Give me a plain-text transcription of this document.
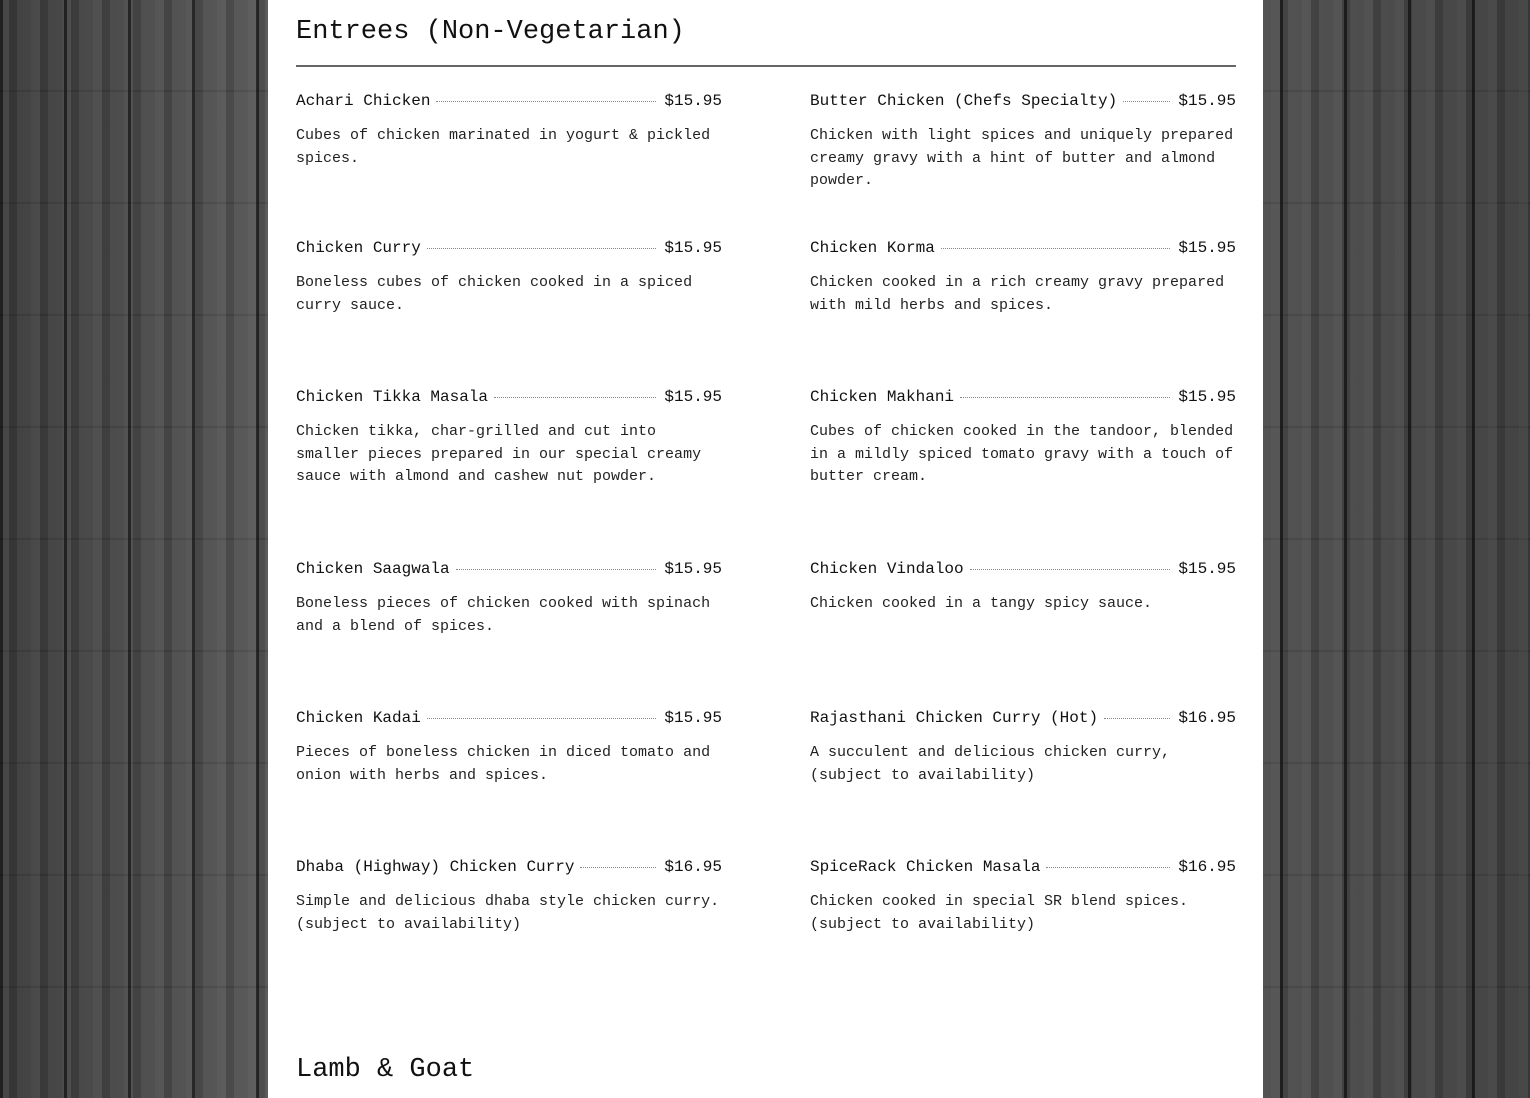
Entrees (Non-Vegetarian)
Achari Chicken	$15.95
Cubes of chicken marinated in yogurt & pickled spices.
Butter Chicken (Chefs Specialty)	$15.95
Chicken with light spices and uniquely prepared creamy gravy with a hint of butter and almond powder.
Chicken Curry	$15.95
Boneless cubes of chicken cooked in a spiced curry sauce.
Chicken Korma	$15.95
Chicken cooked in a rich creamy gravy prepared with mild herbs and spices.
Chicken Tikka Masala	$15.95
Chicken tikka, char-grilled and cut into smaller pieces prepared in our special creamy sauce with almond and cashew nut powder.
Chicken Makhani	$15.95
Cubes of chicken cooked in the tandoor, blended in a mildly spiced tomato gravy with a touch of butter cream.
Chicken Saagwala	$15.95
Boneless pieces of chicken cooked with spinach and a blend of spices.
Chicken Vindaloo	$15.95
Chicken cooked in a tangy spicy sauce.
Chicken Kadai	$15.95
Pieces of boneless chicken in diced tomato and onion with herbs and spices.
Rajasthani Chicken Curry (Hot)	$16.95
A succulent and delicious chicken curry, (subject to availability)
Dhaba (Highway) Chicken Curry	$16.95
Simple and delicious dhaba style chicken curry. (subject to availability)
SpiceRack Chicken Masala	$16.95
Chicken cooked in special SR blend spices. (subject to availability)
Lamb & Goat
